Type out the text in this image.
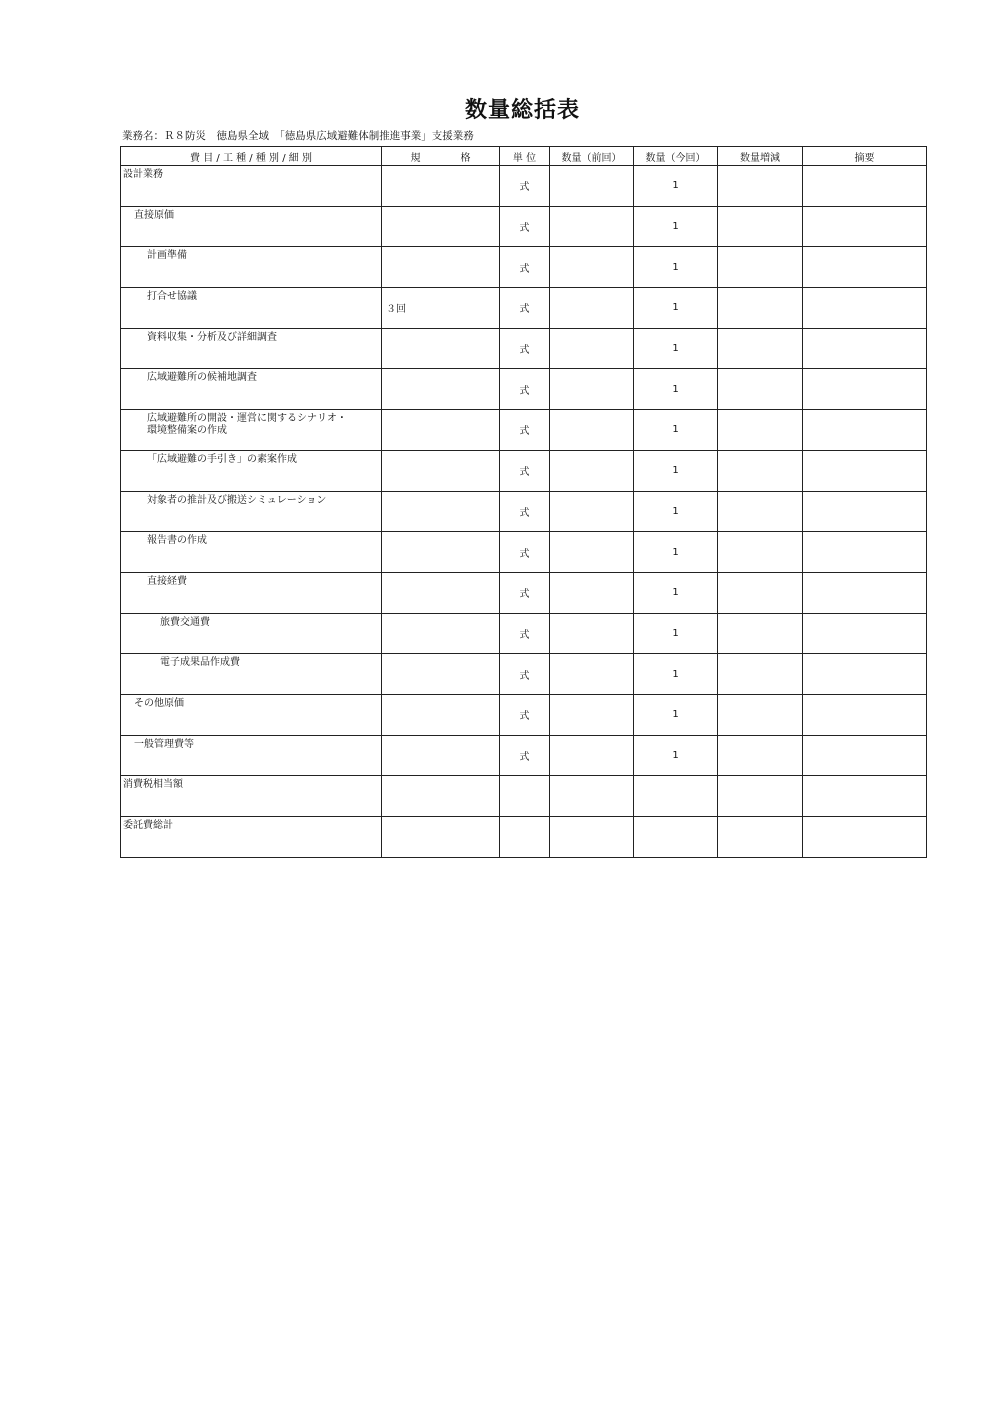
数量総括表
業務名：Ｒ８防災　徳島県全域　「徳島県広域避難体制推進事業」支援業務
費 目 / 工 種 / 種 別 / 細 別	規　　　　格	単 位	数量（前回）	数量（今回）	数量増減	摘要
設計業務		式		1		
直接原価		式		1		
計画準備		式		1		
打合せ協議	３回	式		1		
資料収集・分析及び詳細調査		式		1		
広域避難所の候補地調査		式		1		
広域避難所の開設・運営に関するシナリオ・
環境整備案の作成		式		1		
「広域避難の手引き」の素案作成		式		1		
対象者の推計及び搬送シミュレーション		式		1		
報告書の作成		式		1		
直接経費		式		1		
旅費交通費		式		1		
電子成果品作成費		式		1		
その他原価		式		1		
一般管理費等		式		1		
消費税相当額						
委託費総計						
